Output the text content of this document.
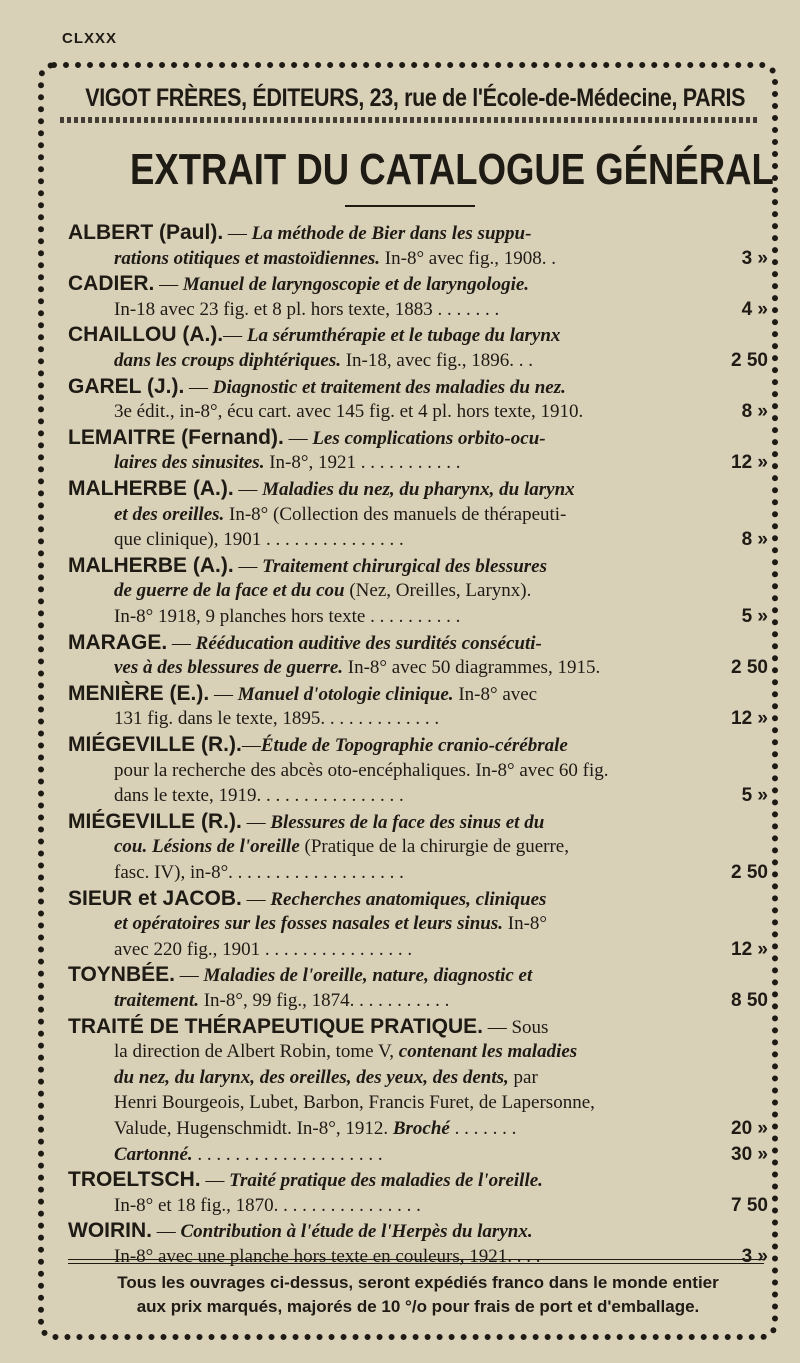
CLXXX
VIGOT FRÈRES, ÉDITEURS, 23, rue de l'École-de-Médecine, PARIS
EXTRAIT DU CATALOGUE GÉNÉRAL
ALBERT (Paul). — La méthode de Bier dans les suppu-
rations otitiques et mastoïdiennes. In-8° avec fig., 1908. .	3 »
CADIER. — Manuel de laryngoscopie et de laryngologie.
In-18 avec 23 fig. et 8 pl. hors texte, 1883 . . . . . . .	4 »
CHAILLOU (A.).— La sérumthérapie et le tubage du larynx
dans les croups diphtériques. In-18, avec fig., 1896. . .	2 50
GAREL (J.). — Diagnostic et traitement des maladies du nez.
3e édit., in-8°, écu cart. avec 145 fig. et 4 pl. hors texte, 1910.	8 »
LEMAITRE (Fernand). — Les complications orbito-ocu-
laires des sinusites. In-8°, 1921 . . . . . . . . . . .	12 »
MALHERBE (A.). — Maladies du nez, du pharynx, du larynx
et des oreilles. In-8° (Collection des manuels de thérapeuti-
que clinique), 1901 . . . . . . . . . . . . . . .	8 »
MALHERBE (A.). — Traitement chirurgical des blessures
de guerre de la face et du cou (Nez, Oreilles, Larynx).
In-8° 1918, 9 planches hors texte . . . . . . . . . .	5 »
MARAGE. — Rééducation auditive des surdités consécuti-
ves à des blessures de guerre. In-8° avec 50 diagrammes, 1915.	2 50
MENIÈRE (E.). — Manuel d'otologie clinique. In-8° avec
131 fig. dans le texte, 1895. . . . . . . . . . . . .	12 »
MIÉGEVILLE (R.).—Étude de Topographie cranio-cérébrale
pour la recherche des abcès oto-encéphaliques. In-8° avec 60 fig.
dans le texte, 1919. . . . . . . . . . . . . . . .	5 »
MIÉGEVILLE (R.). — Blessures de la face des sinus et du
cou. Lésions de l'oreille (Pratique de la chirurgie de guerre,
fasc. IV), in-8°. . . . . . . . . . . . . . . . . . .	2 50
SIEUR et JACOB. — Recherches anatomiques, cliniques
et opératoires sur les fosses nasales et leurs sinus. In-8°
avec 220 fig., 1901 . . . . . . . . . . . . . . . .	12 »
TOYNBÉE. — Maladies de l'oreille, nature, diagnostic et
traitement. In-8°, 99 fig., 1874. . . . . . . . . . .	8 50
TRAITÉ DE THÉRAPEUTIQUE PRATIQUE. — Sous
la direction de Albert Robin, tome V, contenant les maladies
du nez, du larynx, des oreilles, des yeux, des dents, par
Henri Bourgeois, Lubet, Barbon, Francis Furet, de Lapersonne,
Valude, Hugenschmidt. In-8°, 1912. Broché . . . . . . .	20 »
Cartonné. . . . . . . . . . . . . . . . . . . . .	30 »
TROELTSCH. — Traité pratique des maladies de l'oreille.
In-8° et 18 fig., 1870. . . . . . . . . . . . . . . .	7 50
WOIRIN. — Contribution à l'étude de l'Herpès du larynx.
In-8° avec une planche hors texte en couleurs, 1921. . . .	3 »
Tous les ouvrages ci-dessus, seront expédiés franco dans le monde entier
aux prix marqués, majorés de 10 °/o pour frais de port et d'emballage.
